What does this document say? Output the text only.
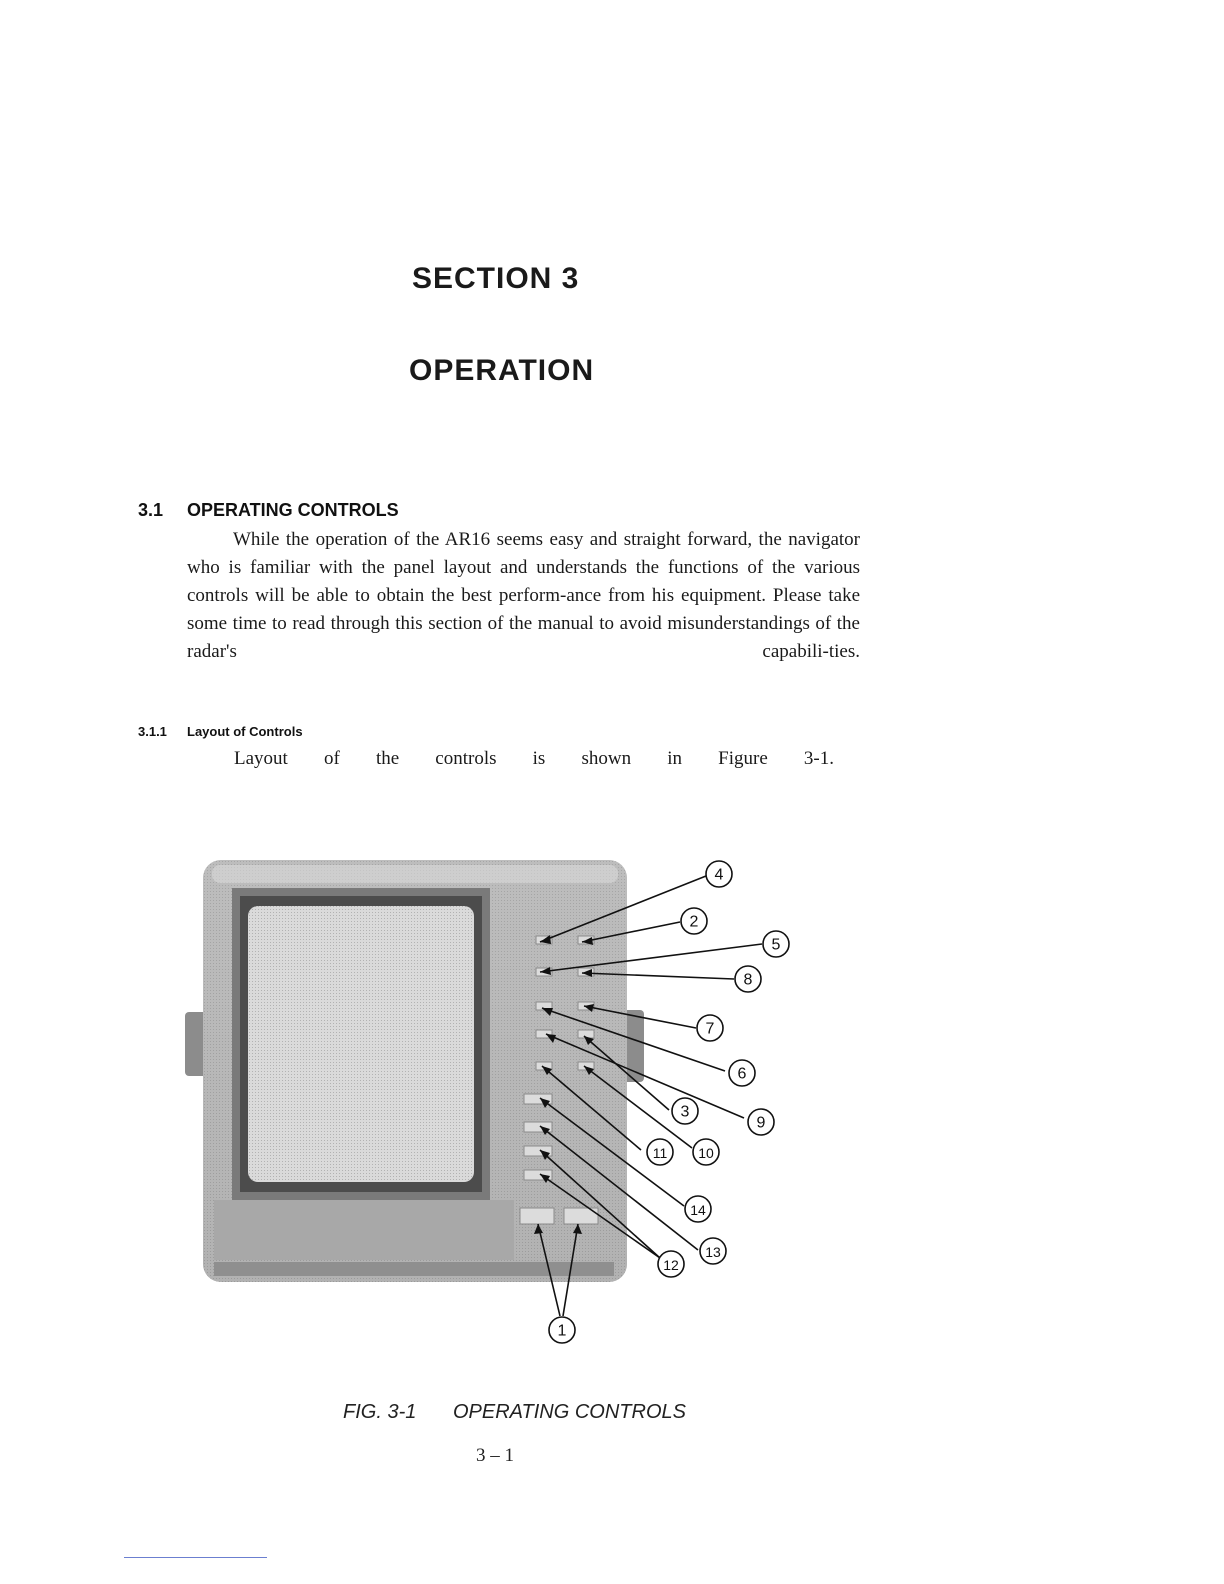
SECTION 3
OPERATION
3.1 OPERATING CONTROLS
While the operation of the AR16 seems easy and straight forward, the navigator who is familiar with the panel layout and understands the functions of the various controls will be able to obtain the best perform-ance from his equipment. Please take some time to read through this section of the manual to avoid misunderstandings of the radar's capabili-ties.
3.1.1 Layout of Controls
Layout of the controls is shown in Figure 3-1.
4
2
5
8
7
6
3
9
11 10
14
13
12
1
FIG. 3-1 OPERATING CONTROLS
3 – 1
